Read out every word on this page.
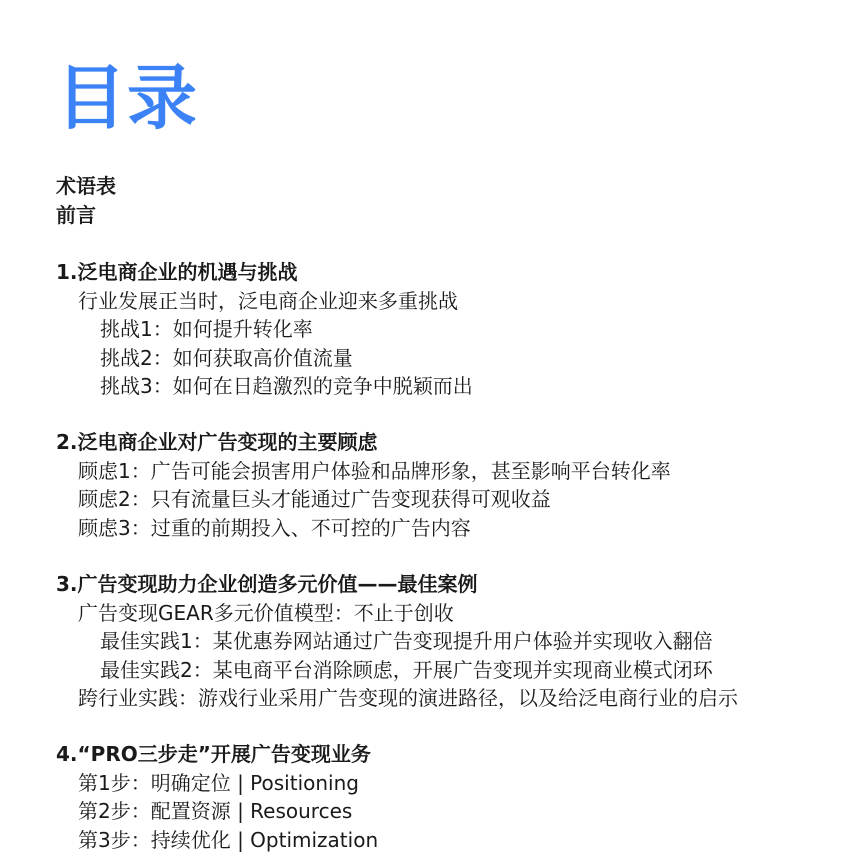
目录
术语表
前言
1.泛电商企业的机遇与挑战
行业发展正当时，泛电商企业迎来多重挑战
挑战1：如何提升转化率
挑战2：如何获取高价值流量
挑战3：如何在日趋激烈的竞争中脱颖而出
2.泛电商企业对广告变现的主要顾虑
顾虑1：广告可能会损害用户体验和品牌形象，甚至影响平台转化率
顾虑2：只有流量巨头才能通过广告变现获得可观收益
顾虑3：过重的前期投入、不可控的广告内容
3.广告变现助力企业创造多元价值——最佳案例
广告变现GEAR多元价值模型：不止于创收
最佳实践1：某优惠券网站通过广告变现提升用户体验并实现收入翻倍
最佳实践2：某电商平台消除顾虑，开展广告变现并实现商业模式闭环
跨行业实践：游戏行业采用广告变现的演进路径，以及给泛电商行业的启示
4.“PRO三步走”开展广告变现业务
第1步：明确定位 | Positioning
第2步：配置资源 | Resources
第3步：持续优化 | Optimization
